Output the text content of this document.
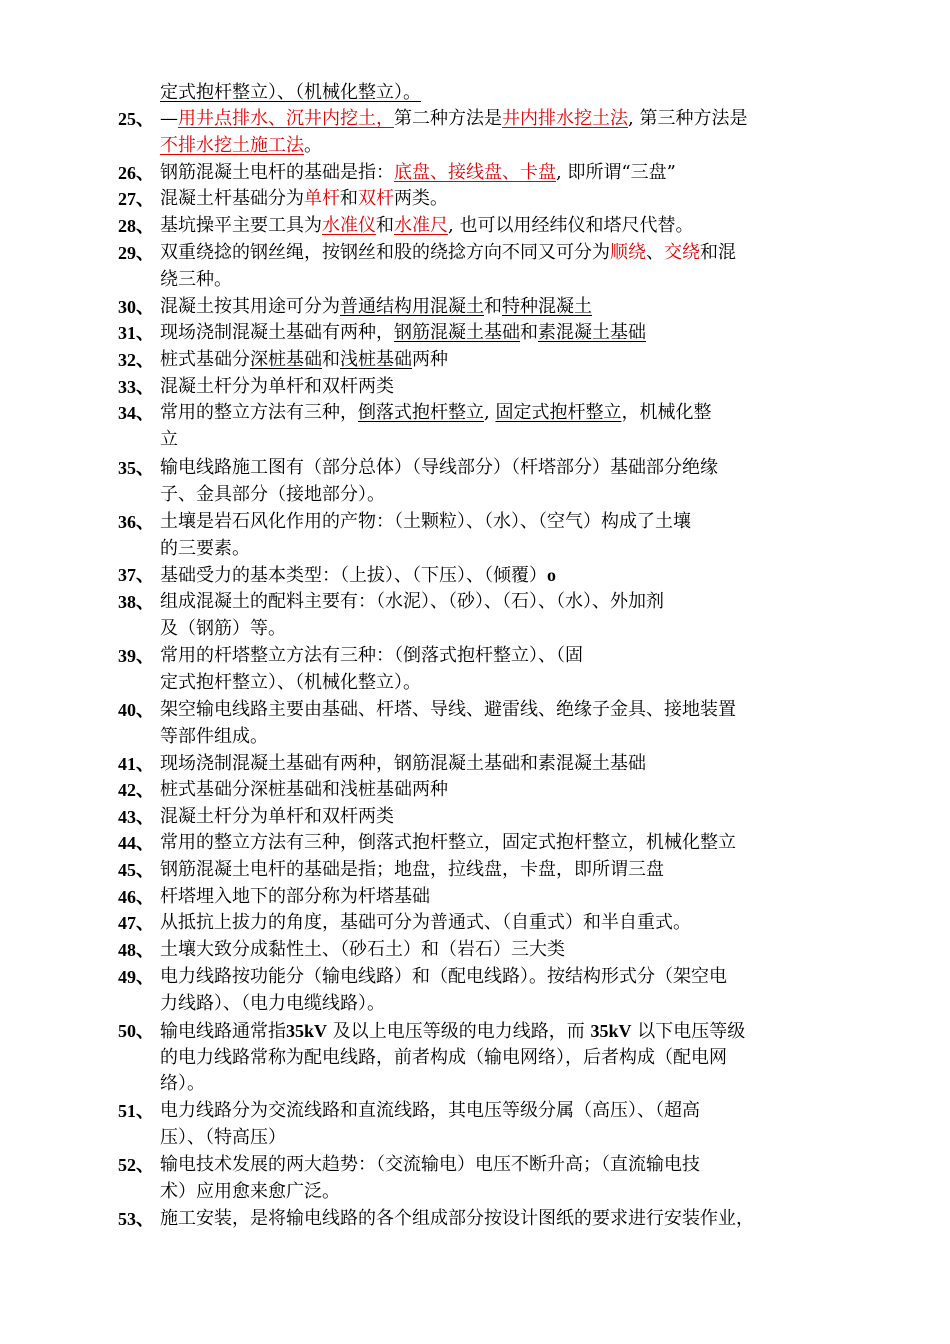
定式抱杆整立）、（机械化整立）。
25、 —用井点排水、沉井内挖土，第二种方法是井内排水挖土法, 第三种方法是
不排水挖土施工法。
26、 钢筋混凝土电杆的基础是指：底盘、接线盘、卡盘, 即所谓“三盘”
27、 混凝土杆基础分为单杆和双杆两类。
28、 基坑操平主要工具为水准仪和水准尺, 也可以用经纬仪和塔尺代替。
29、 双重绕捻的钢丝绳，按钢丝和股的绕捻方向不同又可分为顺绕、交绕和混
绕三种。
30、 混凝土按其用途可分为普通结构用混凝土和特种混凝土
31、 现场浇制混凝土基础有两种，钢筋混凝土基础和素混凝土基础
32、 桩式基础分深桩基础和浅桩基础两种
33、 混凝土杆分为单杆和双杆两类
34、 常用的整立方法有三种，倒落式抱杆整立, 固定式抱杆整立，机械化整
立
35、 输电线路施工图有（部分总体）（导线部分）（杆塔部分）基础部分绝缘
子、金具部分（接地部分）。
36、 土壤是岩石风化作用的产物：（土颗粒）、（水）、（空气）构成了土壤
的三要素。
37、 基础受力的基本类型：（上拔）、（下压）、（倾覆）o
38、 组成混凝土的配料主要有：（水泥）、（砂）、（石）、（水）、外加剂
及（钢筋）等。
39、 常用的杆塔整立方法有三种：（倒落式抱杆整立）、（固
定式抱杆整立）、（机械化整立）。
40、 架空输电线路主要由基础、杆塔、导线、避雷线、绝缘子金具、接地装置
等部件组成。
41、 现场浇制混凝土基础有两种，钢筋混凝土基础和素混凝土基础
42、 桩式基础分深桩基础和浅桩基础两种
43、 混凝土杆分为单杆和双杆两类
44、 常用的整立方法有三种，倒落式抱杆整立，固定式抱杆整立，机械化整立
45、 钢筋混凝土电杆的基础是指；地盘，拉线盘，卡盘，即所谓三盘
46、 杆塔埋入地下的部分称为杆塔基础
47、 从抵抗上拔力的角度，基础可分为普通式、（自重式）和半自重式。
48、 土壤大致分成黏性土、（砂石土）和（岩石）三大类
49、 电力线路按功能分（输电线路）和（配电线路）。按结构形式分（架空电
力线路）、（电力电缆线路）。
50、 输电线路通常指35kV 及以上电压等级的电力线路，而 35kV 以下电压等级
的电力线路常称为配电线路，前者构成（输电网络），后者构成（配电网
络）。
51、 电力线路分为交流线路和直流线路，其电压等级分属（高压）、（超高
压）、（特高压）
52、 输电技术发展的两大趋势：（交流输电）电压不断升高；（直流输电技
术）应用愈来愈广泛。
53、 施工安装，是将输电线路的各个组成部分按设计图纸的要求进行安装作业，
